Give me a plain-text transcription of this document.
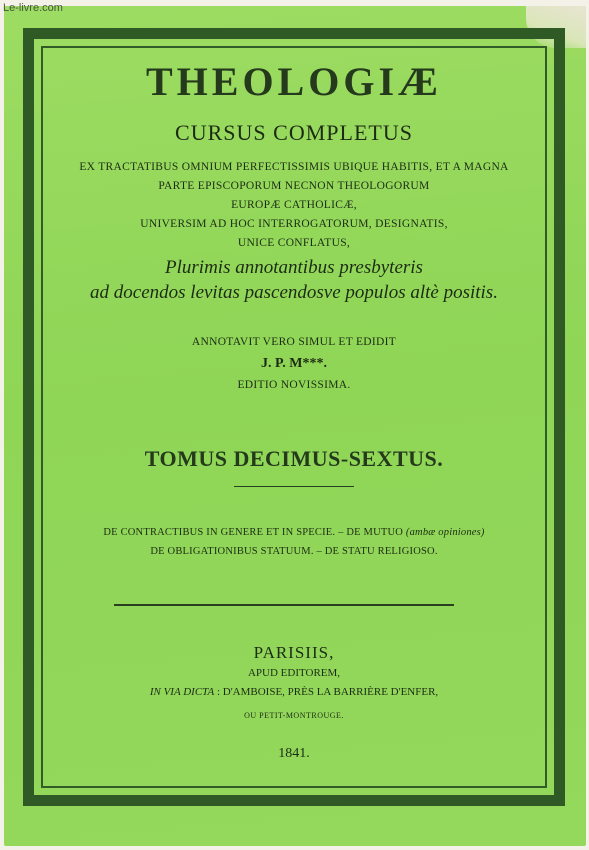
THEOLOGIÆ
CURSUS COMPLETUS
EX TRACTATIBUS OMNIUM PERFECTISSIMIS UBIQUE HABITIS, ET A MAGNA
PARTE EPISCOPORUM NECNON THEOLOGORUM
EUROPÆ CATHOLICÆ,
UNIVERSIM AD HOC INTERROGATORUM, DESIGNATIS,
UNICE CONFLATUS,
Plurimis annotantibus presbyteris
ad docendos levitas pascendosve populos altè positis.
ANNOTAVIT VERO SIMUL ET EDIDIT
J. P. M***.
EDITIO NOVISSIMA.
TOMUS DECIMUS-SEXTUS.
DE CONTRACTIBUS IN GENERE ET IN SPECIE. – DE MUTUO (ambæ opiniones)
DE OBLIGATIONIBUS STATUUM. – DE STATU RELIGIOSO.
PARISIIS,
APUD EDITOREM,
IN VIA DICTA : D'AMBOISE, PRÈS LA BARRIÈRE D'ENFER,
OU PETIT-MONTROUGE.
1841.
Le-livre.com
